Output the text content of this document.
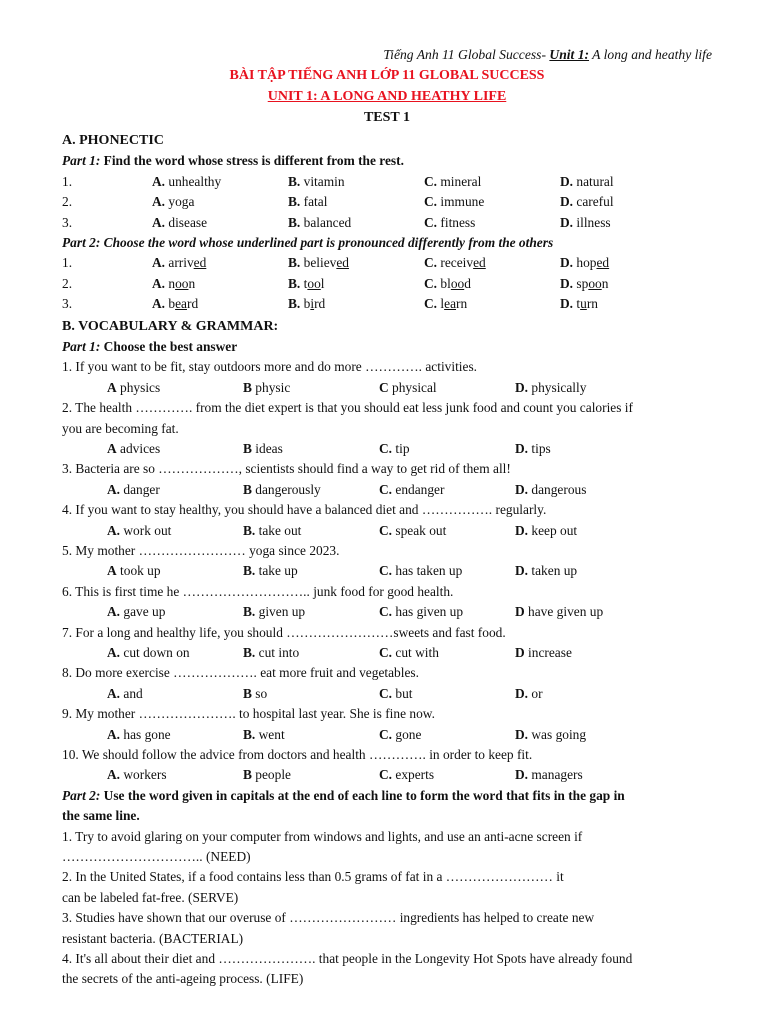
Tiếng Anh 11 Global Success- Unit 1: A long and heathy life
BÀI TẬP TIẾNG ANH LỚP 11 GLOBAL SUCCESS
UNIT 1: A LONG AND HEATHY LIFE
TEST 1
A. PHONECTIC
Part 1: Find the word whose stress is different from the rest.
1.	A. unhealthy	B. vitamin	C. mineral	D. natural
2.	A. yoga	B. fatal	C. immune	D. careful
3.	A. disease	B. balanced	C. fitness	D. illness
Part 2: Choose the word whose underlined part is pronounced differently from the others
1.	A. arrived	B. believed	C. received	D. hoped
2.	A. noon	B. tool	C. blood	D. spoon
3.	A. beard	B. bird	C. learn	D. turn
B. VOCABULARY & GRAMMAR:
Part 1: Choose the best answer
1. If you want to be fit, stay outdoors more and do more …………. activities.
A physics	B physic	C physical	D. physically
2. The health …………. from the diet expert is that you should eat less junk food and count you calories if
you are becoming fat.
A advices	B ideas	C. tip	D. tips
3. Bacteria are so ………………, scientists should find a way to get rid of them all!
A. danger	B dangerously	C. endanger	D. dangerous
4. If you want to stay healthy, you should have a balanced diet and ……………. regularly.
A. work out	B. take out	C. speak out	D. keep out
5. My mother …………………… yoga since 2023.
A took up	B. take up	C. has taken up	D. taken up
6. This is first time he ……………………….. junk food for good health.
A. gave up	B. given up	C. has given up	D have given up
7. For a long and healthy life, you should ……………………sweets and fast food.
A. cut down on	B. cut into	C. cut with	D increase
8. Do more exercise ………………. eat more fruit and vegetables.
A. and	B so	C. but	D. or
9. My mother …………………. to hospital last year. She is fine now.
A. has gone	B. went	C. gone	D. was going
10. We should follow the advice from doctors and health …………. in order to keep fit.
A. workers	B people	C. experts	D. managers
Part 2: Use the word given in capitals at the end of each line to form the word that fits in the gap in
the same line.
1. Try to avoid glaring on your computer from windows and lights, and use an anti-acne screen if
………………………….. (NEED)
2. In the United States, if a food contains less than 0.5 grams of fat in a …………………… it
can be labeled fat-free. (SERVE)
3. Studies have shown that our overuse of …………………… ingredients has helped to create new
resistant bacteria. (BACTERIAL)
4. It's all about their diet and …………………. that people in the Longevity Hot Spots have already found
the secrets of the anti-ageing process. (LIFE)
